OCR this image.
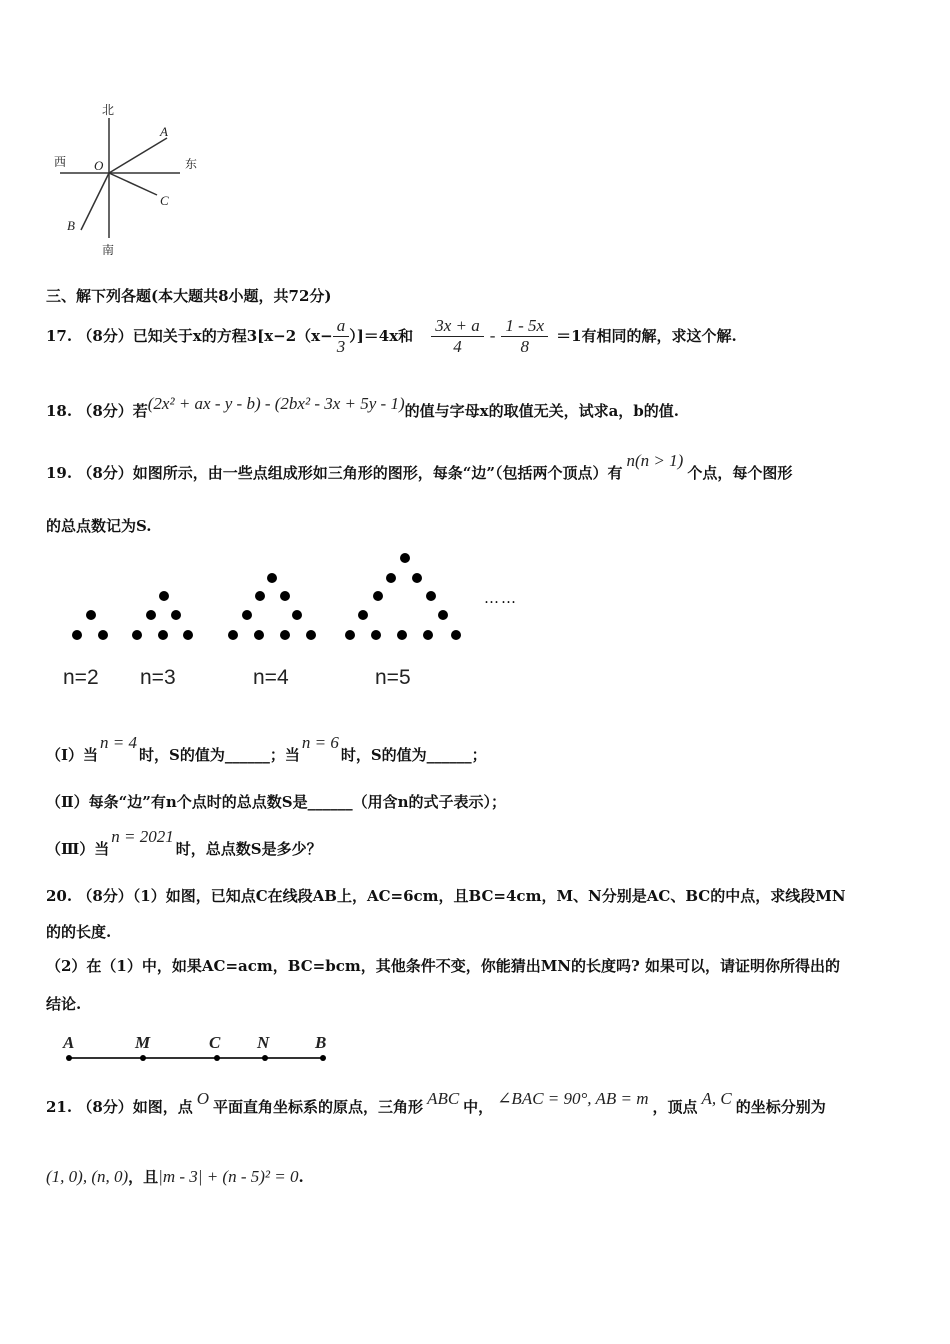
北
南
西	东
O
A
C
B
三、解下列各题(本大题共8小题，共72分)
17. （8分）已知关于x的方程$3[x-2(x- \frac{a}{3} )]=4x$和 $\frac{3x + a}{4} - \frac{1 - 5x}{8} =1$有相同的解，求这个解.
18. （8分）若 (2x² + ax - y - b) - (2bx² - 3x + 5y - 1) 的值与字母x的取值无关，试求a，b的值.
19. （8分）如图所示，由一些点组成形如三角形的图形，每条“边”（包括两个顶点）有
n(n > 1)
个点，每个图形
的总点数记为S.
……
n=2 n=3	n=4	n=5
（Ⅰ）当
n = 4
时，S的值为______；当
n = 6
时，S的值为______；
（Ⅱ）每条“边”有n个点时的总点数S是______（用含n的式子表示）；
（Ⅲ）当
n = 2021
时，总点数S是多少？
20. （8分）（1）如图，已知点C在线段AB上，AC=6cm，且BC=4cm，M、N分别是AC、BC的中点，求线段MN
的的长度.
（2）在（1）中，如果AC=acm，BC=bcm，其他条件不变，你能猜出MN的长度吗? 如果可以，请证明你所得出的
结论.
A	M	C N	B
21. （8分）如图，点 O 平面直角坐标系的原点，三角形 ABC 中， ∠BAC = 90°, AB = m ，顶点 A, C 的坐标分别为
(1, 0), (n, 0) ，且 |m - 3| + (n - 5)² = 0 .
